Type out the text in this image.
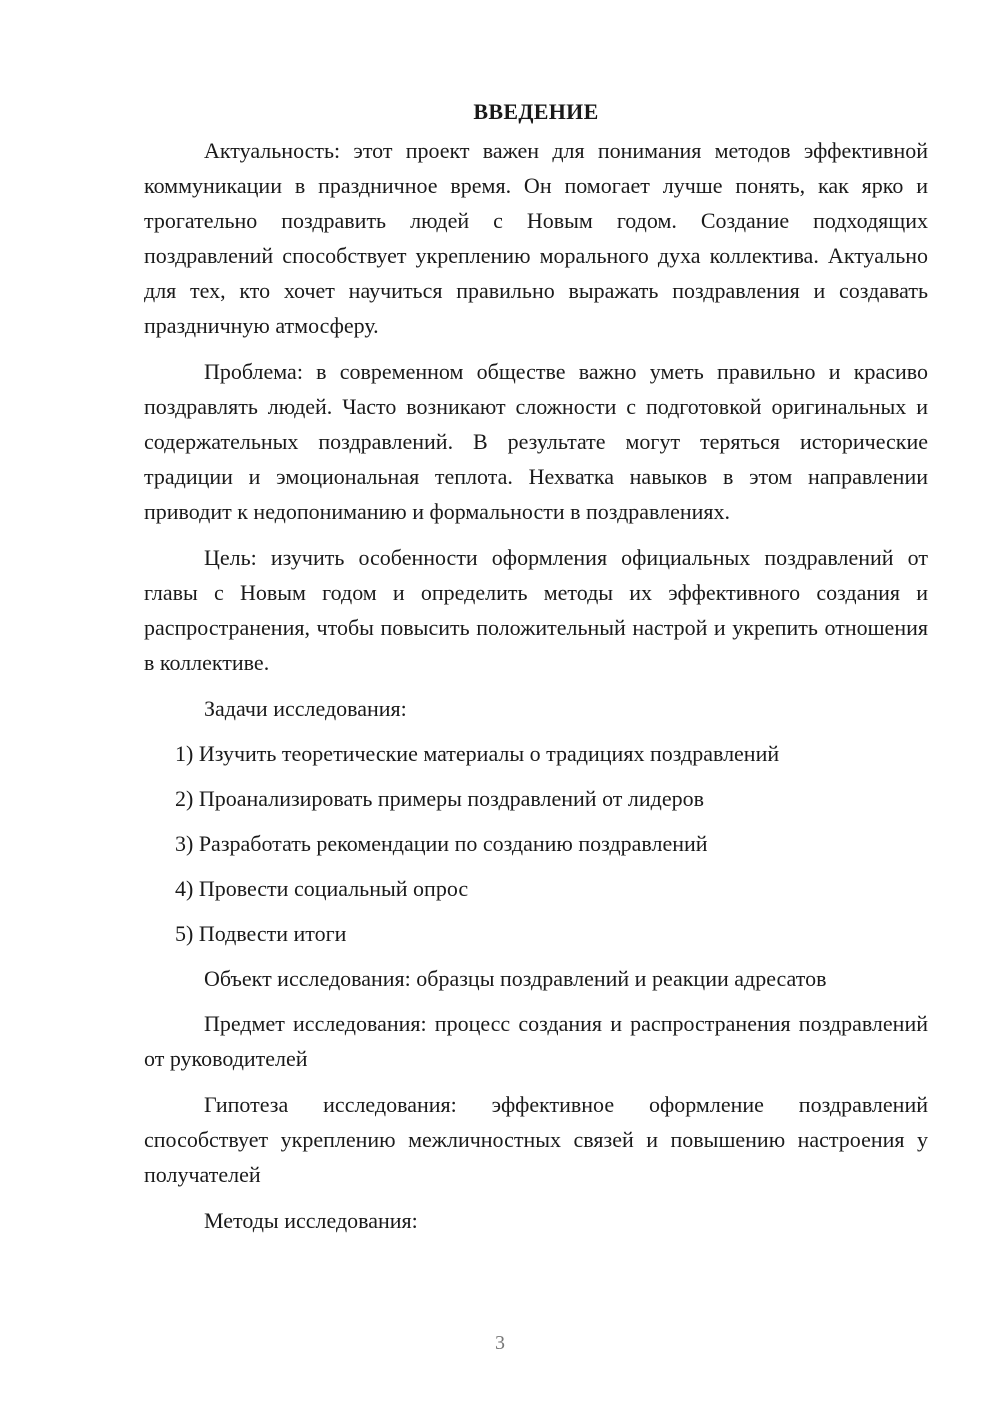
ВВЕДЕНИЕ

Актуальность: этот проект важен для понимания методов эффективной коммуникации в праздничное время. Он помогает лучше понять, как ярко и трогательно поздравить людей с Новым годом. Создание подходящих поздравлений способствует укреплению морального духа коллектива. Актуально для тех, кто хочет научиться правильно выражать поздравления и создавать праздничную атмосферу.

Проблема: в современном обществе важно уметь правильно и красиво поздравлять людей. Часто возникают сложности с подготовкой оригинальных и содержательных поздравлений. В результате могут теряться исторические традиции и эмоциональная теплота. Нехватка навыков в этом направлении приводит к недопониманию и формальности в поздравлениях.

Цель: изучить особенности оформления официальных поздравлений от главы с Новым годом и определить методы их эффективного создания и распространения, чтобы повысить положительный настрой и укрепить отношения в коллективе.

Задачи исследования:

1) Изучить теоретические материалы о традициях поздравлений
2) Проанализировать примеры поздравлений от лидеров
3) Разработать рекомендации по созданию поздравлений
4) Провести социальный опрос
5) Подвести итоги

Объект исследования: образцы поздравлений и реакции адресатов

Предмет исследования: процесс создания и распространения поздравлений от руководителей

Гипотеза исследования: эффективное оформление поздравлений способствует укреплению межличностных связей и повышению настроения у получателей

Методы исследования:

3
